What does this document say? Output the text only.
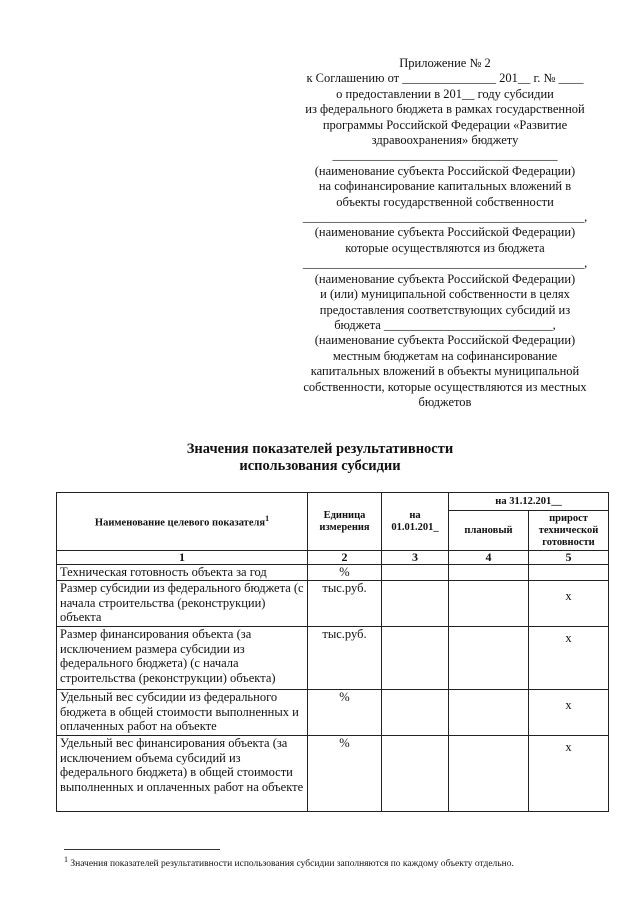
Приложение № 2
к Соглашению от _______________ 201__ г. № ____
о предоставлении в 201__ году субсидии
из федерального бюджета в рамках государственной
программы Российской Федерации «Развитие
здравоохранения» бюджету
____________________________________
(наименование субъекта Российской Федерации)
на софинансирование капитальных вложений в
объекты государственной собственности
_____________________________________________,
(наименование субъекта Российской Федерации)
которые осуществляются из бюджета
_____________________________________________,
(наименование субъекта Российской Федерации)
и (или) муниципальной собственности в целях
предоставления соответствующих субсидий из
бюджета ___________________________,
(наименование субъекта Российской Федерации)
местным бюджетам на софинансирование
капитальных вложений в объекты муниципальной
собственности, которые осуществляются из местных
бюджетов
Значения показателей результативности
использования субсидии
Наименование целевого показателя$^1$	Единица измерения	на 01.01.201_	на 31.12.201__	
			плановый	прирост технической готовности
1	2	3	4	5
Техническая готовность объекта за год	%			
Размер субсидии из федерального бюджета (с начала строительства (реконструкции) объекта	тыс.руб.			х
Размер финансирования объекта (за исключением размера субсидии из федерального бюджета) (с начала строительства (реконструкции) объекта)	тыс.руб.			х
Удельный вес субсидии из федерального бюджета в общей стоимости выполненных и оплаченных работ на объекте	%			х
Удельный вес финансирования объекта (за исключением объема субсидий из федерального бюджета) в общей стоимости выполненных и оплаченных работ на объекте	%			х
$^1$ Значения показателей результативности использования субсидии заполняются по каждому объекту отдельно.
